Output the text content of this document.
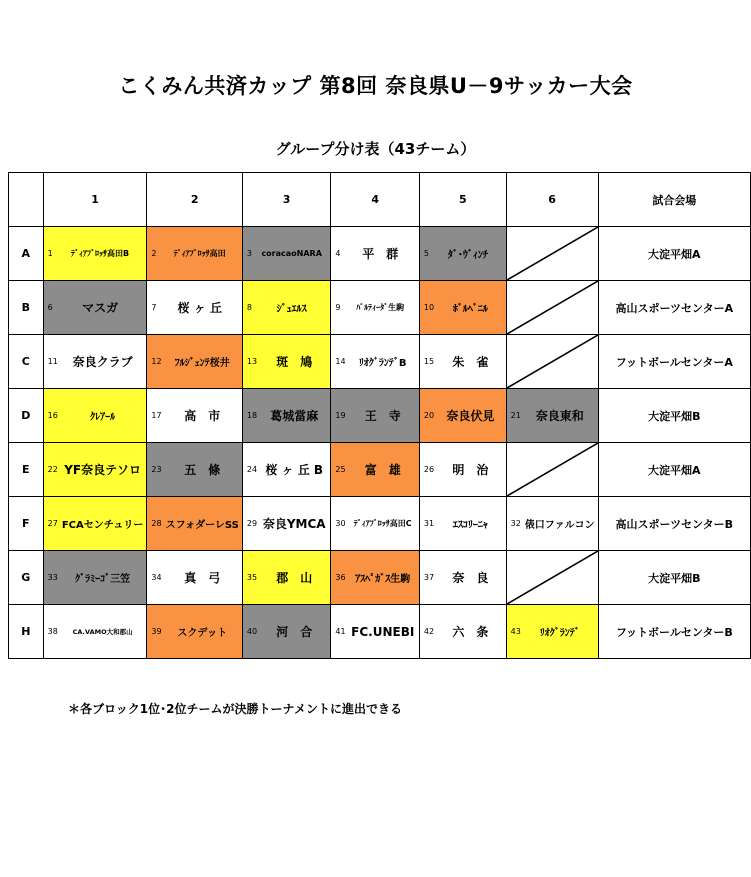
こくみん共済カップ 第8回 奈良県U－9サッカー大会
グループ分け表（43チーム）
	1	2	3	4	5	6	試合会場
A	1 ﾃﾞｨｱﾌﾞﾛｯｻ高田B	2 ﾃﾞｨｱﾌﾞﾛｯｻ高田	3 coracaoNARA	4 平　群	5 ﾀﾞ･ｳﾞｨﾝﾁ		大淀平畑A
B	6 マスガ	7 桜 ヶ 丘	8 ｼﾞｭｴﾙｽ	9 ﾊﾟﾙﾃｨｰﾀﾞ生駒	10 ﾎﾞﾙﾍﾞﾆﾙ		高山スポーツセンターA
C	11 奈良クラブ	12 ﾌﾙｼﾞｪﾝﾃ桜井	13 斑　鳩	14 ﾘｵｸﾞﾗﾝﾃﾞB	15 朱　雀		フットボールセンターA
D	16 ｸﾚｱｰﾙ	17 高　市	18 葛城當麻	19 王　寺	20 奈良伏見	21 奈良東和	大淀平畑B
E	22 YF奈良テソロ	23 五　條	24 桜 ヶ 丘 B	25 富　雄	26 明　治		大淀平畑A
F	27 FCAセンチュリー	28 スフォダーレSS	29 奈良YMCA	30 ﾃﾞｨｱﾌﾞﾛｯｻ高田C	31 ｴｽｺﾘｰﾆｬ	32 俵口ファルコン	高山スポーツセンターB
G	33 ｸﾞﾗﾐｰｺﾞ三笠	34 真　弓	35 郡　山	36 ｱｽﾍﾟｶﾞｽ生駒	37 奈　良		大淀平畑B
H	38 CA.VAMO大和郡山	39 スクデット	40 河　合	41 FC.UNEBI	42 六　条	43 ﾘｵｸﾞﾗﾝﾃﾞ	フットボールセンターB
＊各ブロック1位･2位チームが決勝トーナメントに進出できる
